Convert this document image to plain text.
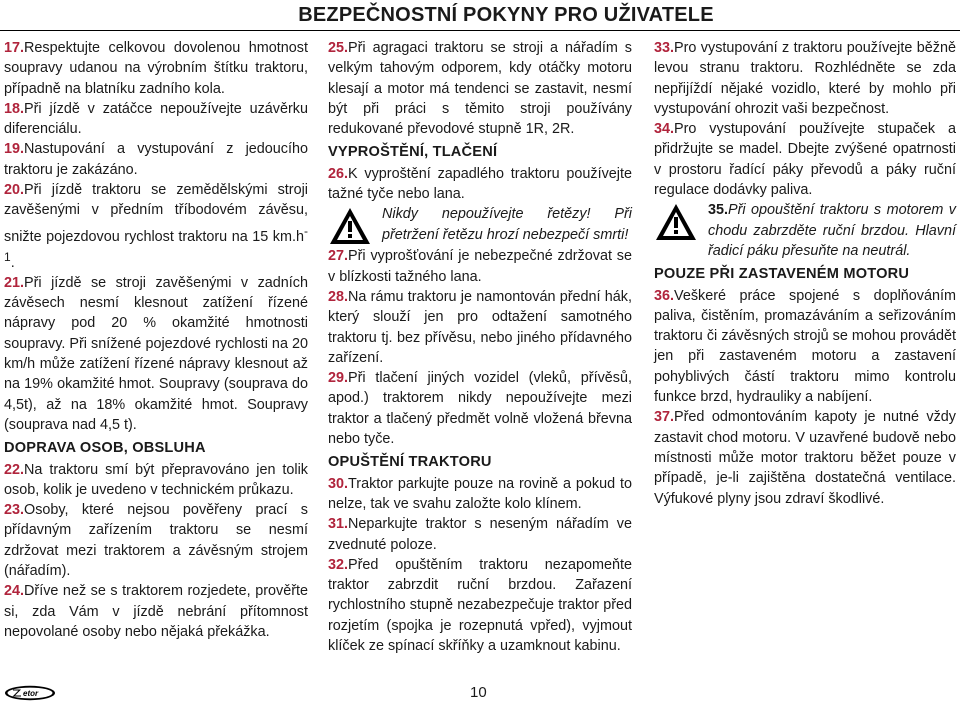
BEZPEČNOSTNÍ POKYNY PRO UŽIVATELE

17.Respektujte celkovou dovolenou hmotnost soupravy udanou na výrobním štítku traktoru, případně na blatníku zadního kola.

18.Při jízdě v zatáčce nepoužívejte uzávěrku diferenciálu.

19.Nastupování a vystupování z jedoucího traktoru je zakázáno.

20.Při jízdě traktoru se zemědělskými stroji zavěšenými v předním tříbodovém závěsu, snižte pojezdovou rychlost traktoru na 15 $km.h^{-1}$.

21.Při jízdě se stroji zavěšenými v zadních závěsech nesmí klesnout zatížení řízené nápravy pod 20 % okamžité hmotnosti soupravy. Při snížené pojezdové rychlosti na 20 km/h může zatížení řízené nápravy klesnout až na 19% okamžité hmot. Soupravy (souprava do 4,5t), až na 18% okamžité hmot. Soupravy (souprava nad 4,5 t).

DOPRAVA OSOB, OBSLUHA

22.Na traktoru smí být přepravováno jen tolik osob, kolik je uvedeno v technickém průkazu.

23.Osoby, které nejsou pověřeny prací s přídavným zařízením traktoru se nesmí zdržovat mezi traktorem a závěsným strojem (nářadím).

24.Dříve než se s traktorem rozjedete, prověřte si, zda Vám v jízdě nebrání přítomnost nepovolané osoby nebo nějaká překážka.

25.Při agragaci traktoru se stroji a nářadím s velkým tahovým odporem, kdy otáčky motoru klesají a motor má tendenci se zastavit, nesmí být při práci s těmito stroji používány redukované převodové stupně 1R, 2R.

VYPROŠTĚNÍ, TLAČENÍ

26.K vyproštění zapadlého traktoru používejte tažné tyče nebo lana.

Nikdy nepoužívejte řetězy! Při přetržení řetězu hrozí nebezpečí smrti!

27.Při vyprošťování je nebezpečné zdržovat se v blízkosti tažného lana.

28.Na rámu traktoru je namontován přední hák, který slouží jen pro odtažení samotného traktoru tj. bez přívěsu, nebo jiného přídavného zařízení.

29.Při tlačení jiných vozidel (vleků, přívěsů, apod.) traktorem nikdy nepoužívejte mezi traktor a tlačený předmět volně vložená břevna nebo tyče.

OPUŠTĚNÍ TRAKTORU

30.Traktor parkujte pouze na rovině a pokud to nelze, tak ve svahu založte kolo klínem.

31.Neparkujte traktor s neseným nářadím ve zvednuté poloze.

32.Před opuštěním traktoru nezapomeňte traktor zabrzdit ruční brzdou. Zařazení rychlostního stupně nezabezpečuje traktor před rozjetím (spojka je rozepnutá vpřed), vyjmout klíček ze spínací skříňky a uzamknout kabinu.

33.Pro vystupování z traktoru používejte běžně levou stranu traktoru. Rozhlédněte se zda nepřijíždí nějaké vozidlo, které by mohlo při vystupování ohrozit vaši bezpečnost.

34.Pro vystupování používejte stupaček a přidržujte se madel. Dbejte zvýšené opatrnosti v prostoru řadící páky převodů a páky ruční regulace dodávky paliva.

35.Při opouštění traktoru s motorem v chodu zabrzděte ruční brzdou. Hlavní řadicí páku přesuňte na neutrál.

POUZE PŘI ZASTAVENÉM MOTORU

36.Veškeré práce spojené s doplňováním paliva, čistěním, promazáváním a seřizováním traktoru či závěsných strojů se mohou provádět jen při zastaveném motoru a zastavení pohyblivých částí traktoru mimo kontrolu funkce brzd, hydrauliky a nabíjení.

37.Před odmontováním kapoty je nutné vždy zastavit chod motoru. V uzavřené budově nebo místnosti může motor traktoru běžet pouze v případě, je-li zajištěna dostatečná ventilace. Výfukové plyny jsou zdraví škodlivé.

etor	10
